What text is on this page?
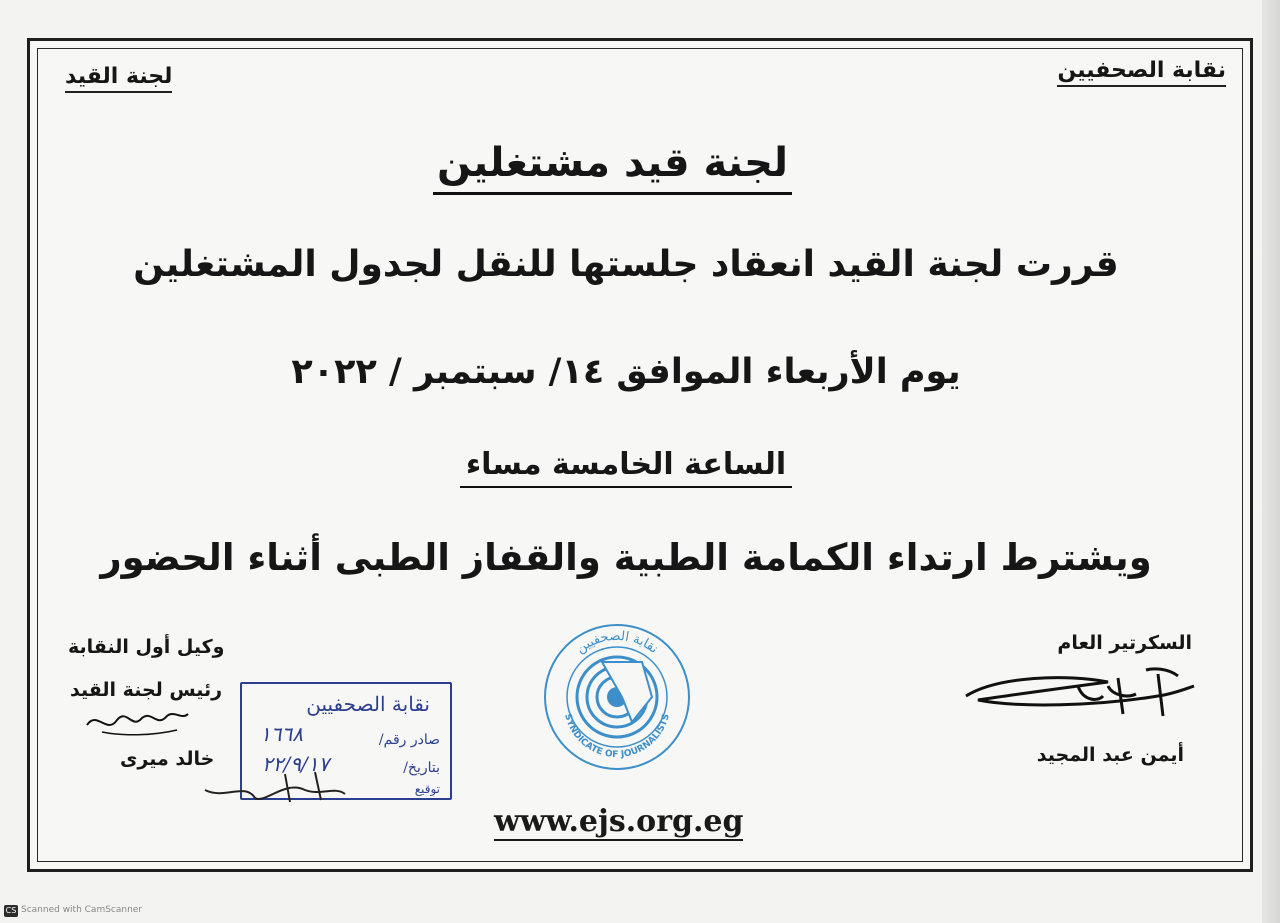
نقابة الصحفيين
لجنة القيد
لجنة قيد مشتغلين
قررت لجنة القيد انعقاد جلستها للنقل لجدول المشتغلين
يوم الأربعاء الموافق ١٤/ سبتمبر / ٢٠٢٢
الساعة الخامسة مساء
ويشترط ارتداء الكمامة الطبية والقفاز الطبى أثناء الحضور
السكرتير العام
أيمن عبد المجيد
وكيل أول النقابة
رئيس لجنة القيد
خالد ميرى
نقابة الصحفيين
صادر رقم/
١٦٦٨
بتاريخ/
٢٢/٩/١٧
توقيع
نقابة الصحفيين
SYNDICATE OF JOURNALISTS
www.ejs.org.eg
CS Scanned with CamScanner
